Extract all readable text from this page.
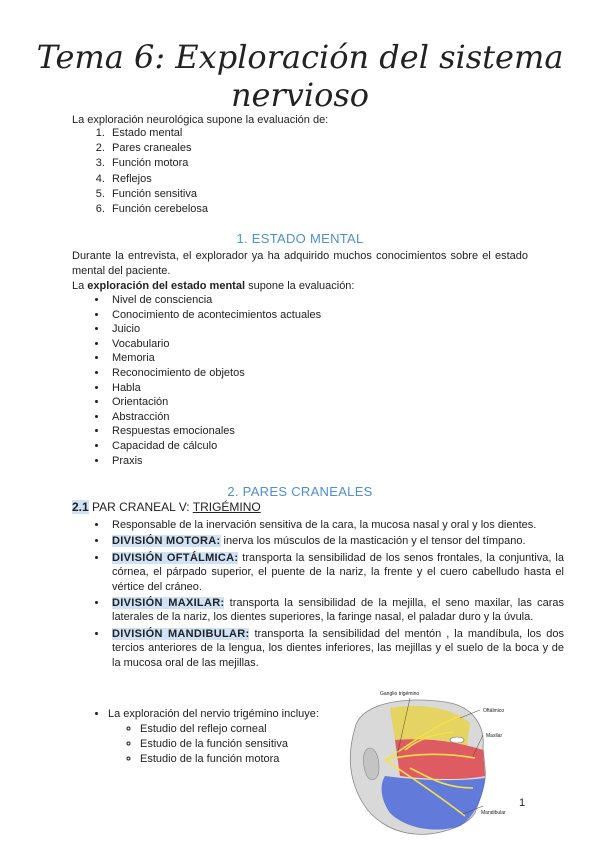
Tema 6: Exploración del sistema nervioso
La exploración neurológica supone la evaluación de:
1. Estado mental
2. Pares craneales
3. Función motora
4. Reflejos
5. Función sensitiva
6. Función cerebelosa
1. ESTADO MENTAL
Durante la entrevista, el explorador ya ha adquirido muchos conocimientos sobre el estado mental del paciente.
La exploración del estado mental supone la evaluación:
• Nivel de consciencia
• Conocimiento de acontecimientos actuales
• Juicio
• Vocabulario
• Memoria
• Reconocimiento de objetos
• Habla
• Orientación
• Abstracción
• Respuestas emocionales
• Capacidad de cálculo
• Praxis
2. PARES CRANEALES
2.1 PAR CRANEAL V: TRIGÉMINO
• Responsable de la inervación sensitiva de la cara, la mucosa nasal y oral y los dientes.
• DIVISIÓN MOTORA: inerva los músculos de la masticación y el tensor del tímpano.
• DIVISIÓN OFTÁLMICA: transporta la sensibilidad de los senos frontales, la conjuntiva, la córnea, el párpado superior, el puente de la nariz, la frente y el cuero cabelludo hasta el vértice del cráneo.
• DIVISIÓN MAXILAR: transporta la sensibilidad de la mejilla, el seno maxilar, las caras laterales de la nariz, los dientes superiores, la faringe nasal, el paladar duro y la úvula.
• DIVISIÓN MANDIBULAR: transporta la sensibilidad del mentón , la mandíbula, los dos tercios anteriores de la lengua, los dientes inferiores, las mejillas y el suelo de la boca y de la mucosa oral de las mejillas.
• La exploración del nervio trigémino incluye:
◦ Estudio del reflejo corneal
◦ Estudio de la función sensitiva
◦ Estudio de la función motora
Ganglio trigémino
Oftálmico
Maxilar
Mandibular
1
